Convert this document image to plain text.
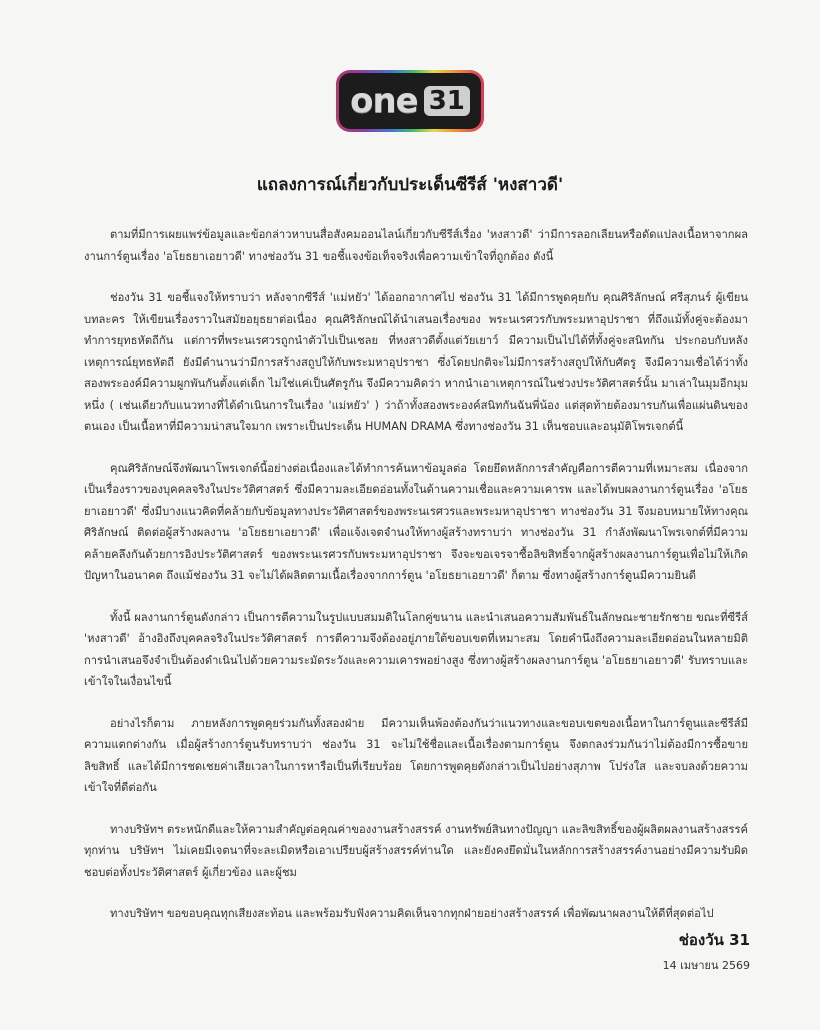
one 31
แถลงการณ์เกี่ยวกับประเด็นซีรีส์ 'หงสาวดี'

ตามที่มีการเผยแพร่ข้อมูลและข้อกล่าวหาบนสื่อสังคมออนไลน์เกี่ยวกับซีรีส์เรื่อง 'หงสาวดี' ว่ามีการลอกเลียนหรือดัดแปลงเนื้อหาจากผลงานการ์ตูนเรื่อง 'อโยธยาเอยาวดี' ทางช่องวัน 31 ขอชี้แจงข้อเท็จจริงเพื่อความเข้าใจที่ถูกต้อง ดังนี้

ช่องวัน 31 ขอชี้แจงให้ทราบว่า หลังจากซีรีส์ 'แม่หยัว' ได้ออกอากาศไป ช่องวัน 31 ได้มีการพูดคุยกับ คุณศิริลักษณ์ ศรีสุภนร์ ผู้เขียนบทละคร ให้เขียนเรื่องราวในสมัยอยุธยาต่อเนื่อง คุณศิริลักษณ์ได้นำเสนอเรื่องของ พระนเรศวรกับพระมหาอุปราชา ที่ถึงแม้ทั้งคู่จะต้องมาทำการยุทธหัตถีกัน แต่การที่พระนเรศวรถูกนำตัวไปเป็นเชลย ที่หงสาวดีตั้งแต่วัยเยาว์ มีความเป็นไปได้ที่ทั้งคู่จะสนิทกัน ประกอบกับหลังเหตุการณ์ยุทธหัตถี ยังมีตำนานว่ามีการสร้างสถูปให้กับพระมหาอุปราชา ซึ่งโดยปกติจะไม่มีการสร้างสถูปให้กับศัตรู จึงมีความเชื่อได้ว่าทั้งสองพระองค์มีความผูกพันกันตั้งแต่เด็ก ไม่ใช่แค่เป็นศัตรูกัน จึงมีความคิดว่า หากนำเอาเหตุการณ์ในช่วงประวัติศาสตร์นั้น มาเล่าในมุมอีกมุมหนึ่ง ( เช่นเดียวกับแนวทางที่ได้ดำเนินการในเรื่อง 'แม่หยัว' ) ว่าถ้าทั้งสองพระองค์สนิทกันฉันพี่น้อง แต่สุดท้ายต้องมารบกันเพื่อแผ่นดินของตนเอง เป็นเนื้อหาที่มีความน่าสนใจมาก เพราะเป็นประเด็น HUMAN DRAMA ซึ่งทางช่องวัน 31 เห็นชอบและอนุมัติโพรเจกต์นี้

คุณศิริลักษณ์จึงพัฒนาโพรเจกต์นี้อย่างต่อเนื่องและได้ทำการค้นหาข้อมูลต่อ โดยยึดหลักการสำคัญคือการตีความที่เหมาะสม เนื่องจากเป็นเรื่องราวของบุคคลจริงในประวัติศาสตร์ ซึ่งมีความละเอียดอ่อนทั้งในด้านความเชื่อและความเคารพ และได้พบผลงานการ์ตูนเรื่อง 'อโยธยาเอยาวดี' ซึ่งมีบางแนวคิดที่คล้ายกับข้อมูลทางประวัติศาสตร์ของพระนเรศวรและพระมหาอุปราชา ทางช่องวัน 31 จึงมอบหมายให้ทางคุณศิริลักษณ์ ติดต่อผู้สร้างผลงาน 'อโยธยาเอยาวดี' เพื่อแจ้งเจตจำนงให้ทางผู้สร้างทราบว่า ทางช่องวัน 31 กำลังพัฒนาโพรเจกต์ที่มีความคล้ายคลึงกันด้วยการอิงประวัติศาสตร์ ของพระนเรศวรกับพระมหาอุปราชา จึงจะขอเจรจาซื้อลิขสิทธิ์จากผู้สร้างผลงานการ์ตูนเพื่อไม่ให้เกิดปัญหาในอนาคต ถึงแม้ช่องวัน 31 จะไม่ได้ผลิตตามเนื้อเรื่องจากการ์ตูน 'อโยธยาเอยาวดี' ก็ตาม ซึ่งทางผู้สร้างการ์ตูนมีความยินดี

ทั้งนี้ ผลงานการ์ตูนดังกล่าว เป็นการตีความในรูปแบบสมมติในโลกคู่ขนาน และนำเสนอความสัมพันธ์ในลักษณะชายรักชาย ขณะที่ซีรีส์ 'หงสาวดี' อ้างอิงถึงบุคคลจริงในประวัติศาสตร์ การตีความจึงต้องอยู่ภายใต้ขอบเขตที่เหมาะสม โดยคำนึงถึงความละเอียดอ่อนในหลายมิติ การนำเสนอจึงจำเป็นต้องดำเนินไปด้วยความระมัดระวังและความเคารพอย่างสูง ซึ่งทางผู้สร้างผลงานการ์ตูน 'อโยธยาเอยาวดี' รับทราบและเข้าใจในเงื่อนไขนี้

อย่างไรก็ตาม ภายหลังการพูดคุยร่วมกันทั้งสองฝ่าย มีความเห็นพ้องต้องกันว่าแนวทางและขอบเขตของเนื้อหาในการ์ตูนและซีรีส์มีความแตกต่างกัน เมื่อผู้สร้างการ์ตูนรับทราบว่า ช่องวัน 31 จะไม่ใช้ชื่อและเนื้อเรื่องตามการ์ตูน จึงตกลงร่วมกันว่าไม่ต้องมีการซื้อขายลิขสิทธิ์ และได้มีการชดเชยค่าเสียเวลาในการหารือเป็นที่เรียบร้อย โดยการพูดคุยดังกล่าวเป็นไปอย่างสุภาพ โปร่งใส และจบลงด้วยความเข้าใจที่ดีต่อกัน

ทางบริษัทฯ ตระหนักดีและให้ความสำคัญต่อคุณค่าของงานสร้างสรรค์ งานทรัพย์สินทางปัญญา และลิขสิทธิ์ของผู้ผลิตผลงานสร้างสรรค์ทุกท่าน บริษัทฯ ไม่เคยมีเจตนาที่จะละเมิดหรือเอาเปรียบผู้สร้างสรรค์ท่านใด และยังคงยึดมั่นในหลักการสร้างสรรค์งานอย่างมีความรับผิดชอบต่อทั้งประวัติศาสตร์ ผู้เกี่ยวข้อง และผู้ชม

ทางบริษัทฯ ขอขอบคุณทุกเสียงสะท้อน และพร้อมรับฟังความคิดเห็นจากทุกฝ่ายอย่างสร้างสรรค์ เพื่อพัฒนาผลงานให้ดีที่สุดต่อไป

ช่องวัน 31
14 เมษายน 2569
